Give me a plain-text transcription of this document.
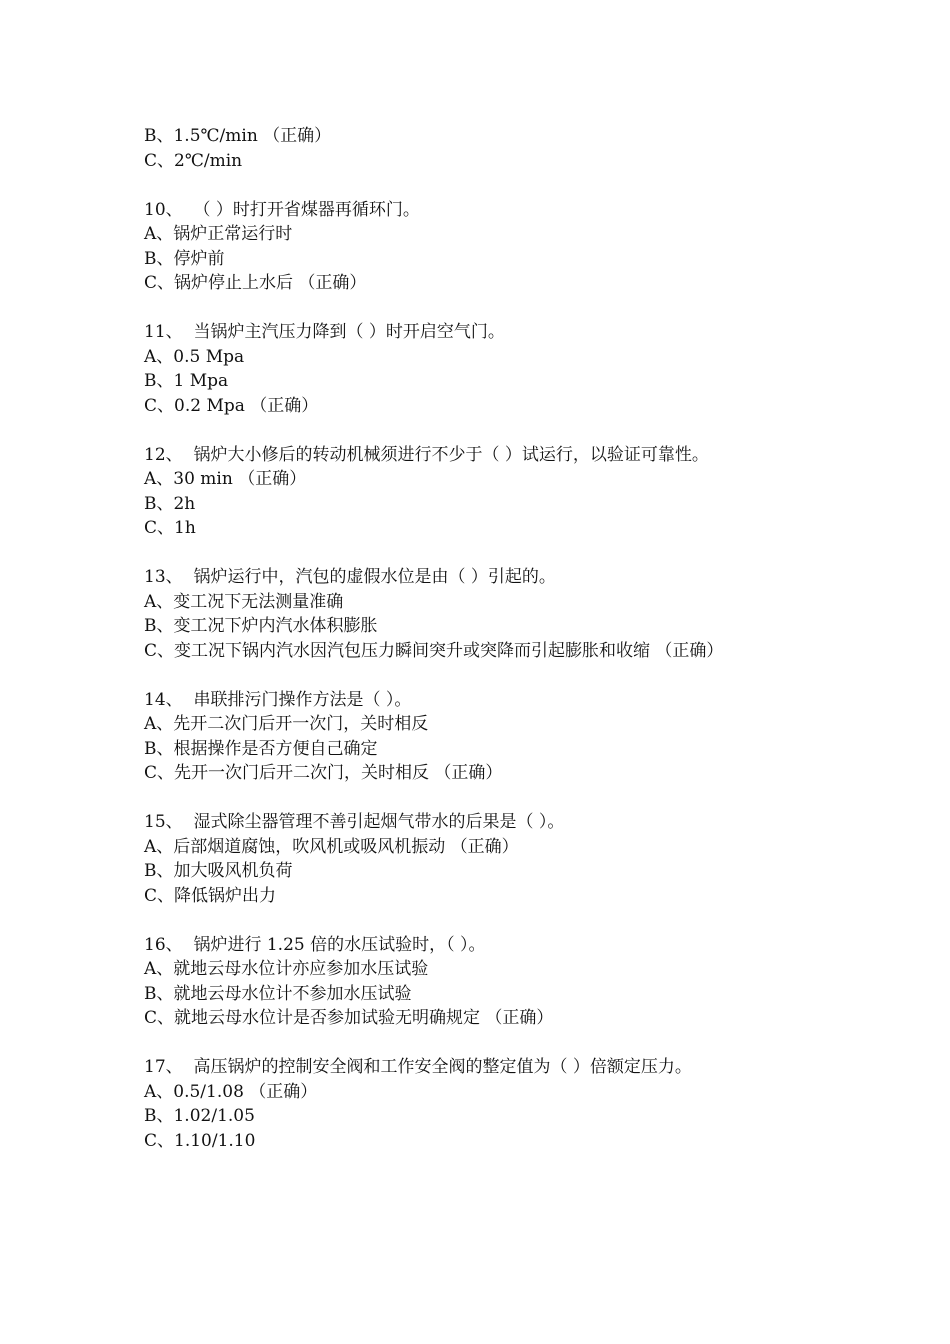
B、1.5℃/min （正确）
C、2℃/min
10、  （ ）时打开省煤器再循环门。
A、锅炉正常运行时
B、停炉前
C、锅炉停止上水后 （正确）
11、  当锅炉主汽压力降到（ ）时开启空气门。
A、0.5 Mpa
B、1 Mpa
C、0.2 Mpa （正确）
12、  锅炉大小修后的转动机械须进行不少于（ ）试运行，以验证可靠性。
A、30 min （正确）
B、2h
C、1h
13、  锅炉运行中，汽包的虚假水位是由（ ）引起的。
A、变工况下无法测量准确
B、变工况下炉内汽水体积膨胀
C、变工况下锅内汽水因汽包压力瞬间突升或突降而引起膨胀和收缩 （正确）
14、  串联排污门操作方法是（ ）。
A、先开二次门后开一次门，关时相反
B、根据操作是否方便自己确定
C、先开一次门后开二次门，关时相反 （正确）
15、  湿式除尘器管理不善引起烟气带水的后果是（ ）。
A、后部烟道腐蚀，吹风机或吸风机振动 （正确）
B、加大吸风机负荷
C、降低锅炉出力
16、  锅炉进行 1.25 倍的水压试验时，（ ）。
A、就地云母水位计亦应参加水压试验
B、就地云母水位计不参加水压试验
C、就地云母水位计是否参加试验无明确规定 （正确）
17、  高压锅炉的控制安全阀和工作安全阀的整定值为（ ）倍额定压力。
A、0.5/1.08 （正确）
B、1.02/1.05
C、1.10/1.10
